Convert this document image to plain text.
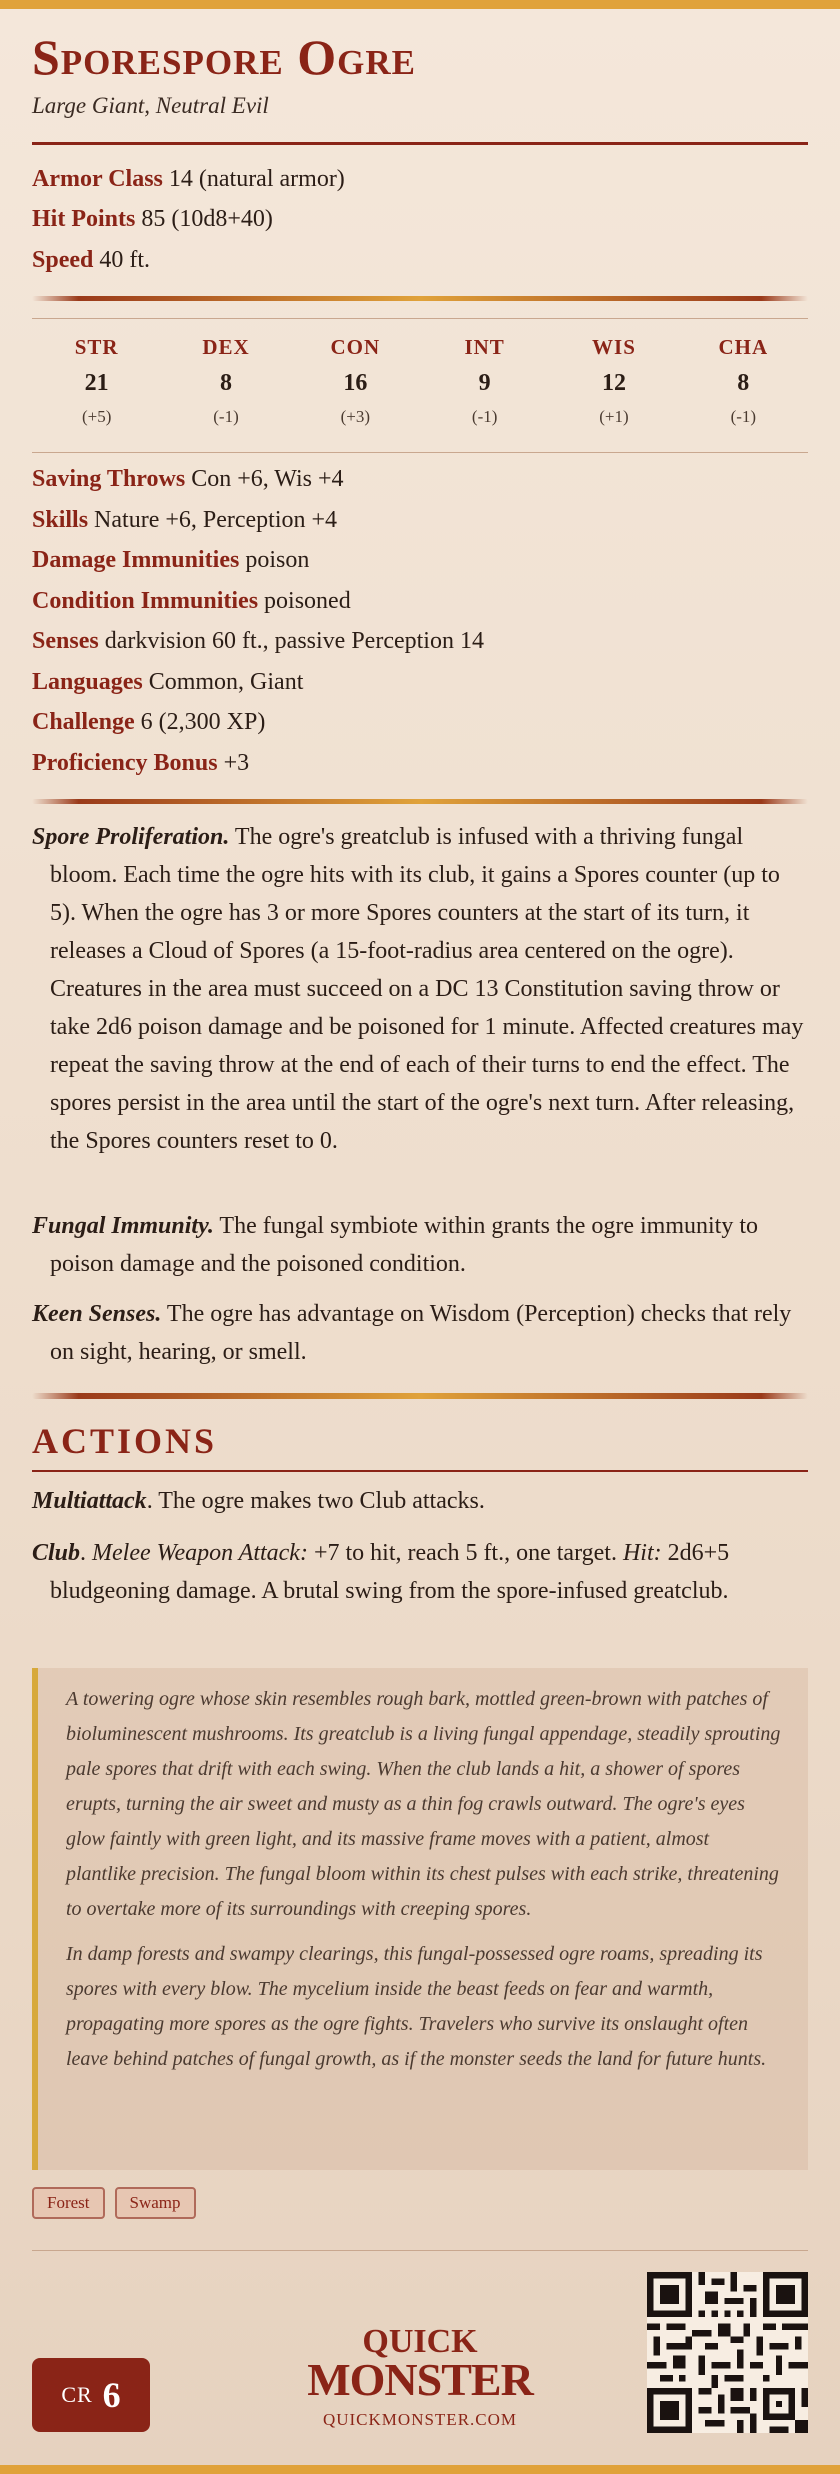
Sporespore Ogre
Large Giant, Neutral Evil
Armor Class 14 (natural armor)
Hit Points 85 (10d8+40)
Speed 40 ft.
STR
21
(+5)
DEX
8
(-1)
CON
16
(+3)
INT
9
(-1)
WIS
12
(+1)
CHA
8
(-1)
Saving Throws Con +6, Wis +4
Skills Nature +6, Perception +4
Damage Immunities poison
Condition Immunities poisoned
Senses darkvision 60 ft., passive Perception 14
Languages Common, Giant
Challenge 6 (2,300 XP)
Proficiency Bonus +3
Spore Proliferation. The ogre's greatclub is infused with a thriving fungal bloom. Each time the ogre hits with its club, it gains a Spores counter (up to 5). When the ogre has 3 or more Spores counters at the start of its turn, it releases a Cloud of Spores (a 15-foot-radius area centered on the ogre). Creatures in the area must succeed on a DC 13 Constitution saving throw or take 2d6 poison damage and be poisoned for 1 minute. Affected creatures may repeat the saving throw at the end of each of their turns to end the effect. The spores persist in the area until the start of the ogre's next turn. After releasing, the Spores counters reset to 0.
Fungal Immunity. The fungal symbiote within grants the ogre immunity to poison damage and the poisoned condition.
Keen Senses. The ogre has advantage on Wisdom (Perception) checks that rely on sight, hearing, or smell.
ACTIONS
Multiattack. The ogre makes two Club attacks.
Club. Melee Weapon Attack: +7 to hit, reach 5 ft., one target. Hit: 2d6+5 bludgeoning damage. A brutal swing from the spore-infused greatclub.

A towering ogre whose skin resembles rough bark, mottled green-brown with patches of bioluminescent mushrooms. Its greatclub is a living fungal appendage, steadily sprouting pale spores that drift with each swing. When the club lands a hit, a shower of spores erupts, turning the air sweet and musty as a thin fog crawls outward. The ogre's eyes glow faintly with green light, and its massive frame moves with a patient, almost plantlike precision. The fungal bloom within its chest pulses with each strike, threatening to overtake more of its surroundings with creeping spores.

In damp forests and swampy clearings, this fungal-possessed ogre roams, spreading its spores with every blow. The mycelium inside the beast feeds on fear and warmth, propagating more spores as the ogre fights. Travelers who survive its onslaught often leave behind patches of fungal growth, as if the monster seeds the land for future hunts.

Forest	Swamp
CR 6
QUICK
MONSTER
QUICKMONSTER.COM
